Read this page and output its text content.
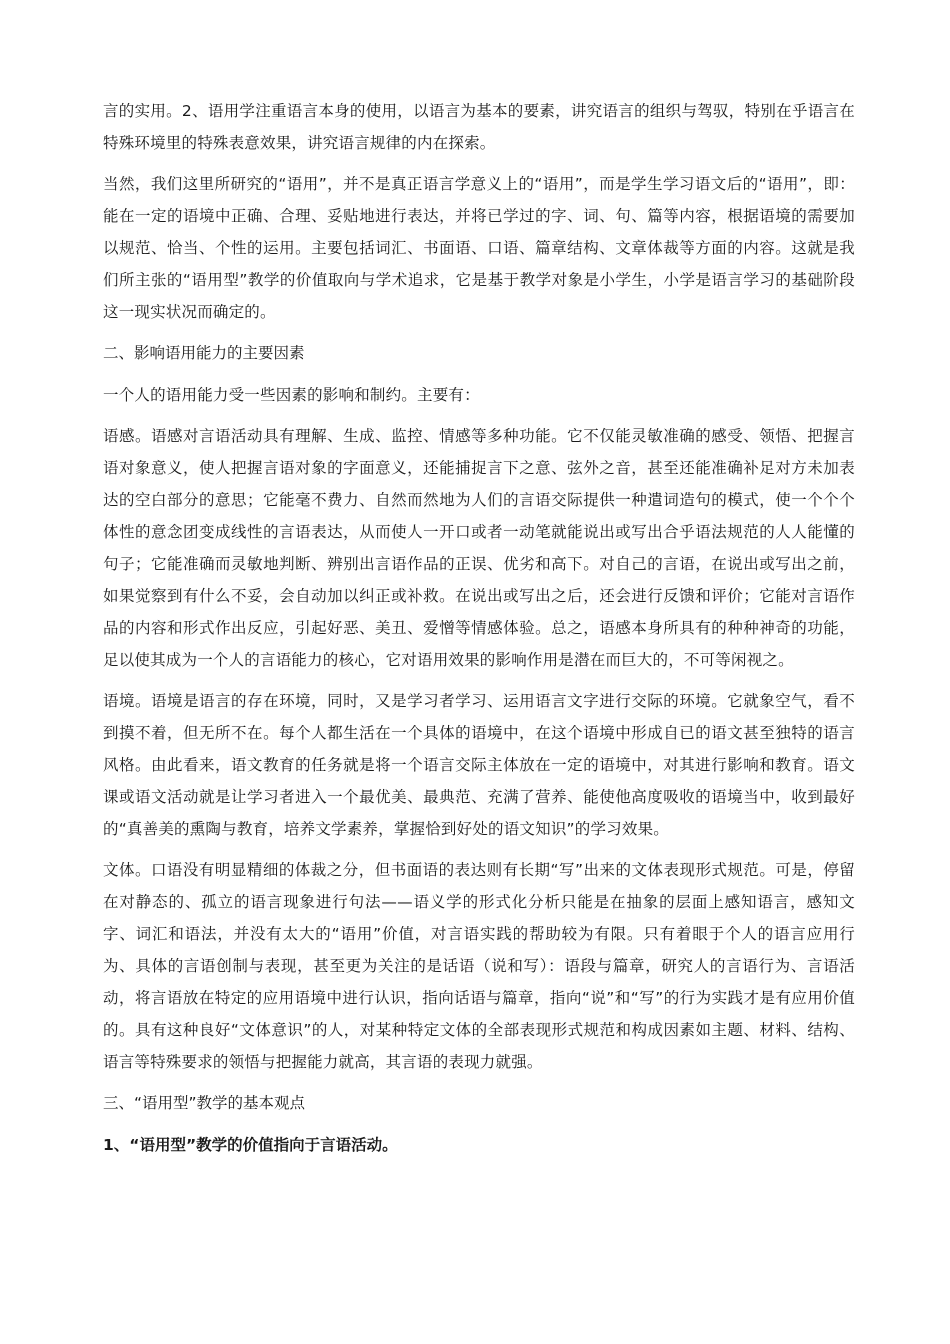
言的实用。2、语用学注重语言本身的使用，以语言为基本的要素，讲究语言的组织与驾驭，特别在乎语言在特殊环境里的特殊表意效果，讲究语言规律的内在探索。

当然，我们这里所研究的“语用”，并不是真正语言学意义上的“语用”，而是学生学习语文后的“语用”，即：能在一定的语境中正确、合理、妥贴地进行表达，并将已学过的字、词、句、篇等内容，根据语境的需要加以规范、恰当、个性的运用。主要包括词汇、书面语、口语、篇章结构、文章体裁等方面的内容。这就是我们所主张的“语用型”教学的价值取向与学术追求，它是基于教学对象是小学生，小学是语言学习的基础阶段这一现实状况而确定的。

二、影响语用能力的主要因素

一个人的语用能力受一些因素的影响和制约。主要有：

语感。语感对言语活动具有理解、生成、监控、情感等多种功能。它不仅能灵敏准确的感受、领悟、把握言语对象意义，使人把握言语对象的字面意义，还能捕捉言下之意、弦外之音，甚至还能准确补足对方未加表达的空白部分的意思；它能毫不费力、自然而然地为人们的言语交际提供一种遣词造句的模式，使一个个个体性的意念团变成线性的言语表达，从而使人一开口或者一动笔就能说出或写出合乎语法规范的人人能懂的句子；它能准确而灵敏地判断、辨别出言语作品的正误、优劣和高下。对自己的言语，在说出或写出之前，如果觉察到有什么不妥，会自动加以纠正或补救。在说出或写出之后，还会进行反馈和评价；它能对言语作品的内容和形式作出反应，引起好恶、美丑、爱憎等情感体验。总之，语感本身所具有的种种神奇的功能，足以使其成为一个人的言语能力的核心，它对语用效果的影响作用是潜在而巨大的，不可等闲视之。

语境。语境是语言的存在环境，同时，又是学习者学习、运用语言文字进行交际的环境。它就象空气，看不到摸不着，但无所不在。每个人都生活在一个具体的语境中，在这个语境中形成自已的语文甚至独特的语言风格。由此看来，语文教育的任务就是将一个语言交际主体放在一定的语境中，对其进行影响和教育。语文课或语文活动就是让学习者进入一个最优美、最典范、充满了营养、能使他高度吸收的语境当中，收到最好的“真善美的熏陶与教育，培养文学素养，掌握恰到好处的语文知识”的学习效果。

文体。口语没有明显精细的体裁之分，但书面语的表达则有长期“写”出来的文体表现形式规范。可是，停留在对静态的、孤立的语言现象进行句法——语义学的形式化分析只能是在抽象的层面上感知语言，感知文字、词汇和语法，并没有太大的“语用”价值，对言语实践的帮助较为有限。只有着眼于个人的语言应用行为、具体的言语创制与表现，甚至更为关注的是话语（说和写）：语段与篇章，研究人的言语行为、言语活动，将言语放在特定的应用语境中进行认识，指向话语与篇章，指向“说”和“写”的行为实践才是有应用价值的。具有这种良好“文体意识”的人，对某种特定文体的全部表现形式规范和构成因素如主题、材料、结构、语言等特殊要求的领悟与把握能力就高，其言语的表现力就强。

三、“语用型”教学的基本观点

1、“语用型”教学的价值指向于言语活动。
